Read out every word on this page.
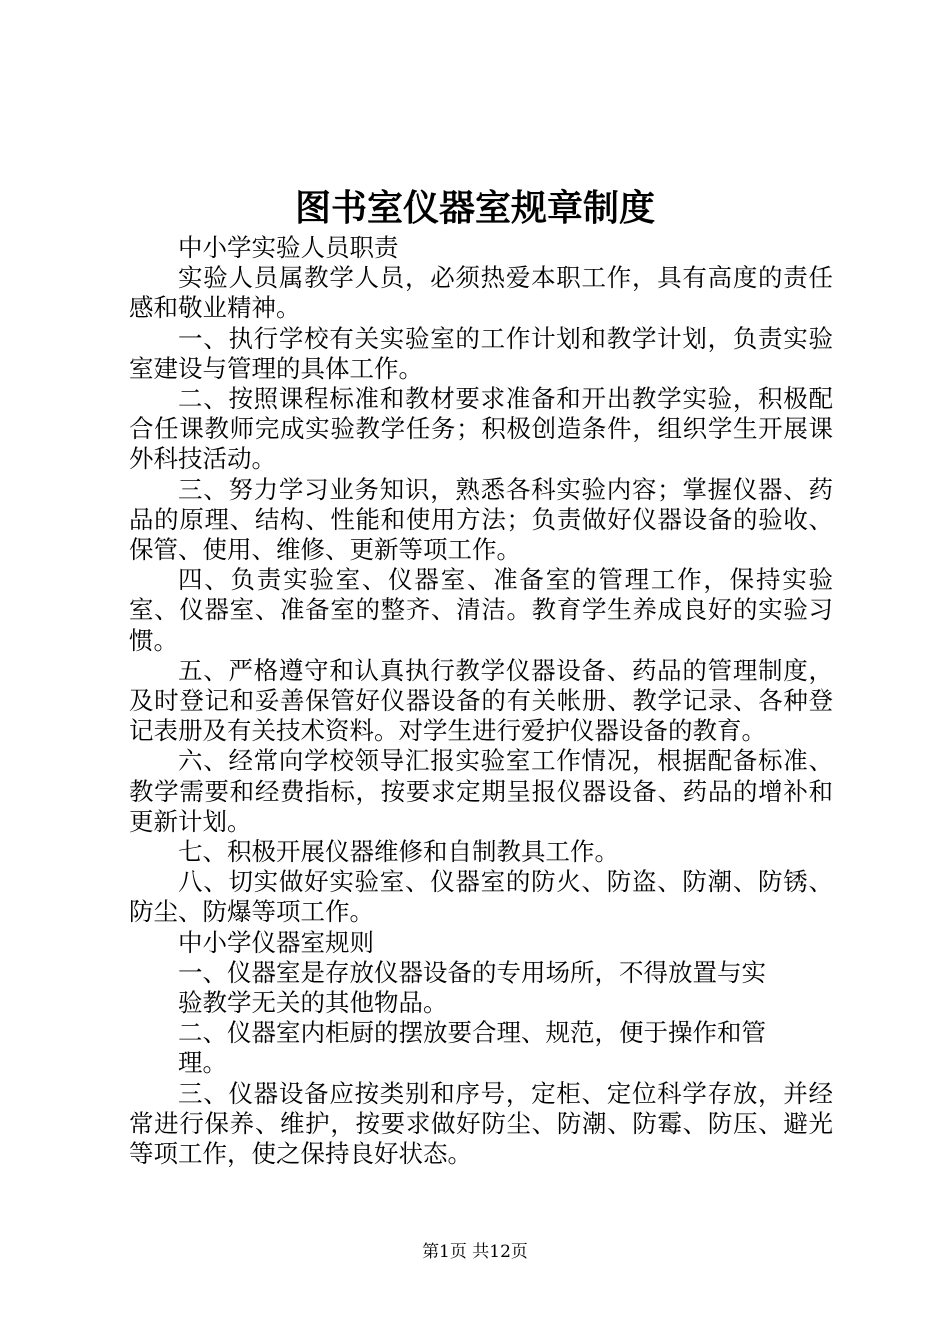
图书室仪器室规章制度

中小学实验人员职责

实验人员属教学人员，必须热爱本职工作，具有高度的责任感和敬业精神。

一、执行学校有关实验室的工作计划和教学计划，负责实验室建设与管理的具体工作。

二、按照课程标准和教材要求准备和开出教学实验，积极配合任课教师完成实验教学任务；积极创造条件，组织学生开展课外科技活动。

三、努力学习业务知识，熟悉各科实验内容；掌握仪器、药品的原理、结构、性能和使用方法；负责做好仪器设备的验收、保管、使用、维修、更新等项工作。

四、负责实验室、仪器室、准备室的管理工作，保持实验室、仪器室、准备室的整齐、清洁。教育学生养成良好的实验习惯。

五、严格遵守和认真执行教学仪器设备、药品的管理制度，及时登记和妥善保管好仪器设备的有关帐册、教学记录、各种登记表册及有关技术资料。对学生进行爱护仪器设备的教育。

六、经常向学校领导汇报实验室工作情况，根据配备标准、教学需要和经费指标，按要求定期呈报仪器设备、药品的增补和更新计划。

七、积极开展仪器维修和自制教具工作。

八、切实做好实验室、仪器室的防火、防盗、防潮、防锈、防尘、防爆等项工作。

中小学仪器室规则

一、仪器室是存放仪器设备的专用场所，不得放置与实验教学无关的其他物品。

二、仪器室内柜厨的摆放要合理、规范，便于操作和管理。

三、仪器设备应按类别和序号，定柜、定位科学存放，并经常进行保养、维护，按要求做好防尘、防潮、防霉、防压、避光等项工作，使之保持良好状态。

第1页 共12页
